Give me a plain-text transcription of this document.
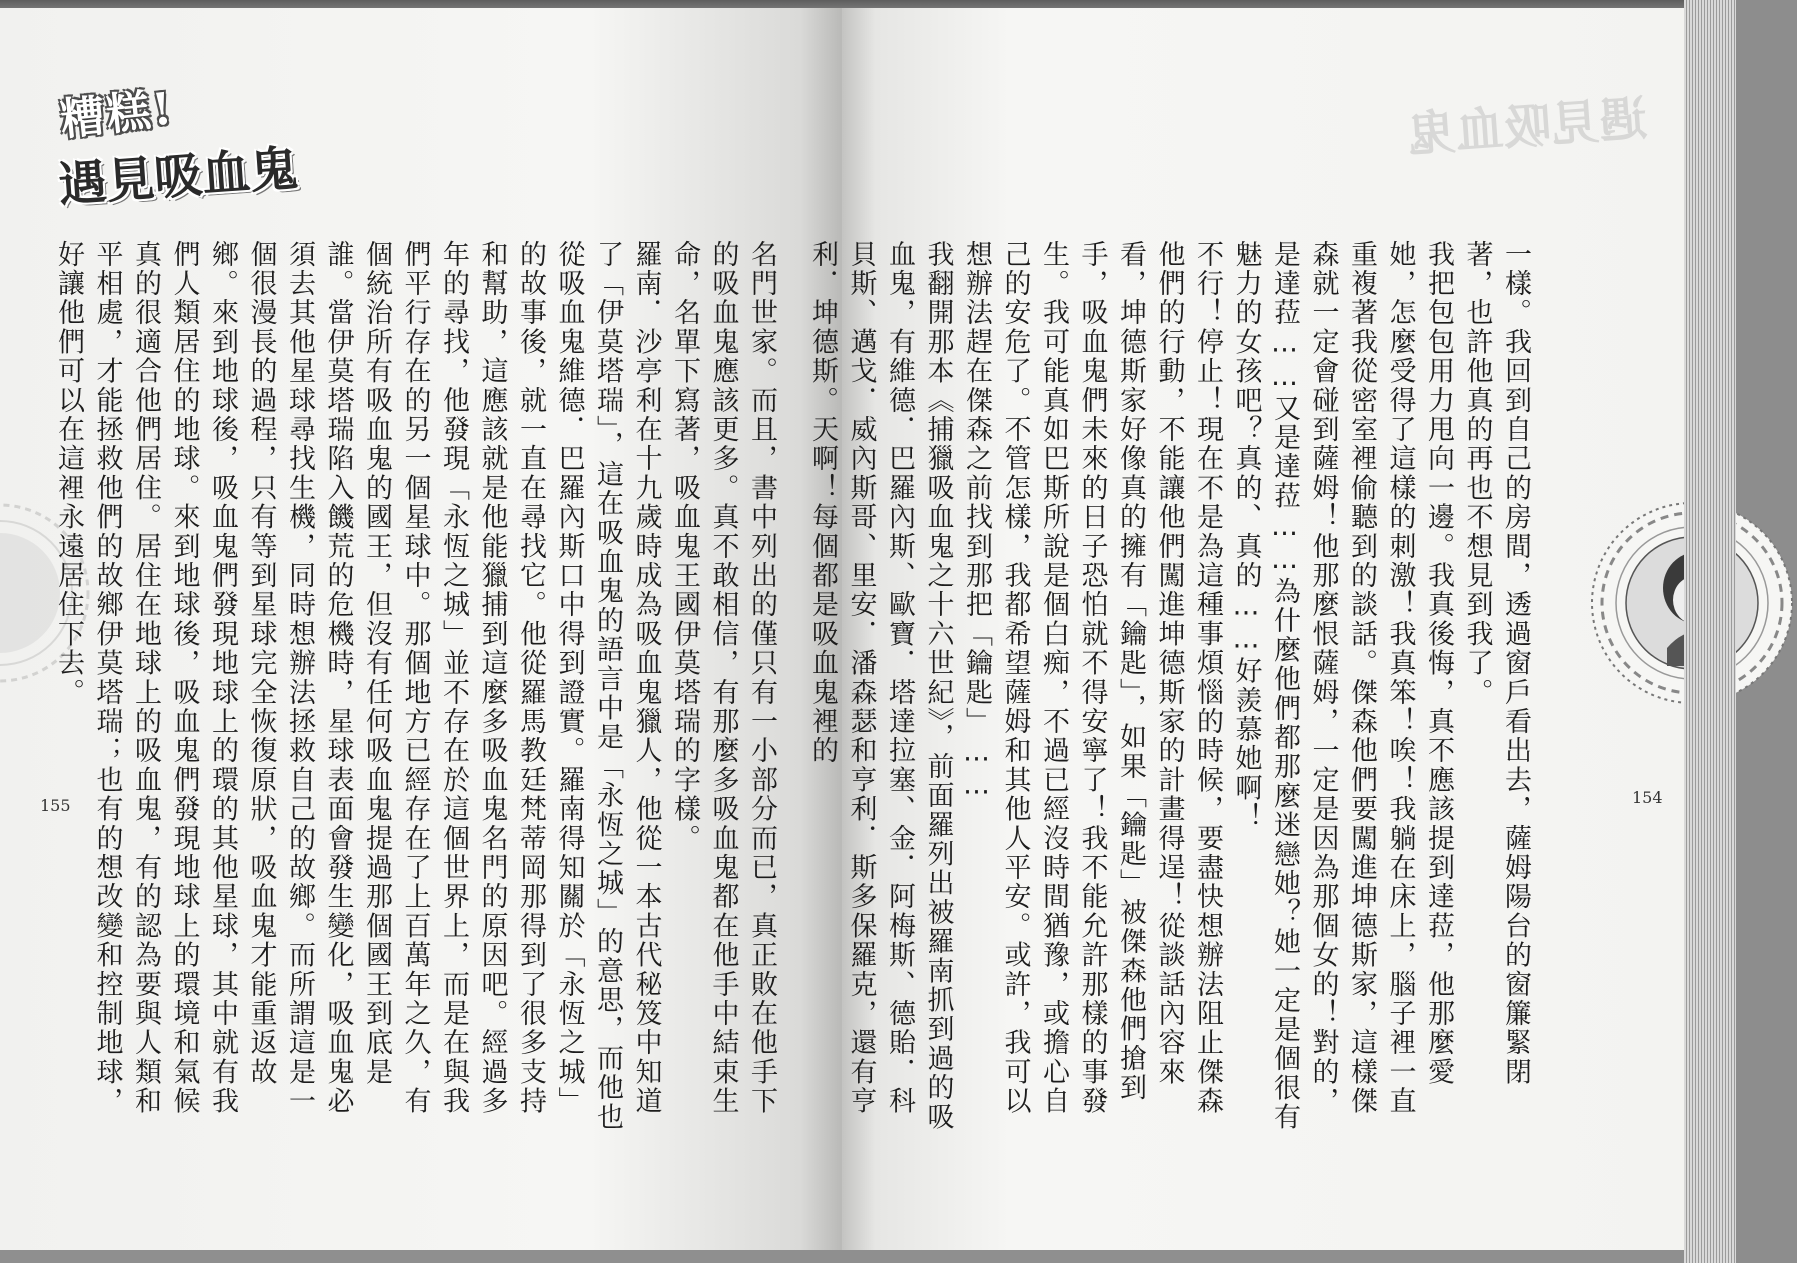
糟糕!
遇見吸血鬼

名門世家。而且，書中列出的僅只有一小部分而已，真正敗在他手下的吸血鬼應該更多。真不敢相信，有那麼多吸血鬼都在他手中結束生命，名單下寫著，吸血鬼王國伊莫塔瑞的字樣。

羅南．沙亭利在十九歲時成為吸血鬼獵人，他從一本古代秘笈中知道了「伊莫塔瑞」，這在吸血鬼的語言中是「永恆之城」的意思，而他也從吸血鬼維德．巴羅內斯口中得到證實。羅南得知關於「永恆之城」的故事後，就一直在尋找它。他從羅馬教廷梵蒂岡那得到了很多支持和幫助，這應該就是他能獵捕到這麼多吸血鬼名門的原因吧。經過多年的尋找，他發現「永恆之城」並不存在於這個世界上，而是在與我們平行存在的另一個星球中。那個地方已經存在了上百萬年之久，有個統治所有吸血鬼的國王，但沒有任何吸血鬼提過那個國王到底是誰。當伊莫塔瑞陷入饑荒的危機時，星球表面會發生變化，吸血鬼必須去其他星球尋找生機，同時想辦法拯救自己的故鄉。而所謂這是一個很漫長的過程，只有等到星球完全恢復原狀，吸血鬼才能重返故鄉。來到地球後，吸血鬼們發現地球上的環的其他星球，其中就有我們人類居住的地球。來到地球後，吸血鬼們發現地球上的環境和氣候真的很適合他們居住。居住在地球上的吸血鬼，有的認為要與人類和平相處，才能拯救他們的故鄉伊莫塔瑞；也有的想改變和控制地球，好讓他們可以在這裡永遠居住下去。

155
遇見吸血鬼

一樣。我回到自己的房間，透過窗戶看出去，薩姆陽台的窗簾緊閉著，也許他真的再也不想見到我了。

我把包包用力甩向一邊。我真後悔，真不應該提到達菈，他那麼愛她，怎麼受得了這樣的刺激！我真笨！唉！我躺在床上，腦子裡一直重複著我從密室裡偷聽到的談話。傑森他們要闖進坤德斯家，這樣傑森就一定會碰到薩姆！他那麼恨薩姆，一定是因為那個女的！對的，是達菈……又是達菈……為什麼他們都那麼迷戀她？她一定是個很有魅力的女孩吧？真的、真的……好羨慕她啊！

不行！停止！現在不是為這種事煩惱的時候，要盡快想辦法阻止傑森他們的行動，不能讓他們闖進坤德斯家的計畫得逞！從談話內容來看，坤德斯家好像真的擁有「鑰匙」，如果「鑰匙」被傑森他們搶到手，吸血鬼們未來的日子恐怕就不得安寧了！我不能允許那樣的事發生。我可能真如巴斯所說是個白痴，不過已經沒時間猶豫，或擔心自己的安危了。不管怎樣，我都希望薩姆和其他人平安。或許，我可以想辦法趕在傑森之前找到那把「鑰匙」……

我翻開那本《捕獵吸血鬼之十六世紀》，前面羅列出被羅南抓到過的吸血鬼，有維德．巴羅內斯、歐寶．塔達拉塞、金．阿梅斯、德貽．科貝斯、邁戈．威內斯哥、里安．潘森瑟和亨利．斯多保羅克，還有亨利．坤德斯。天啊！每個都是吸血鬼裡的

154
